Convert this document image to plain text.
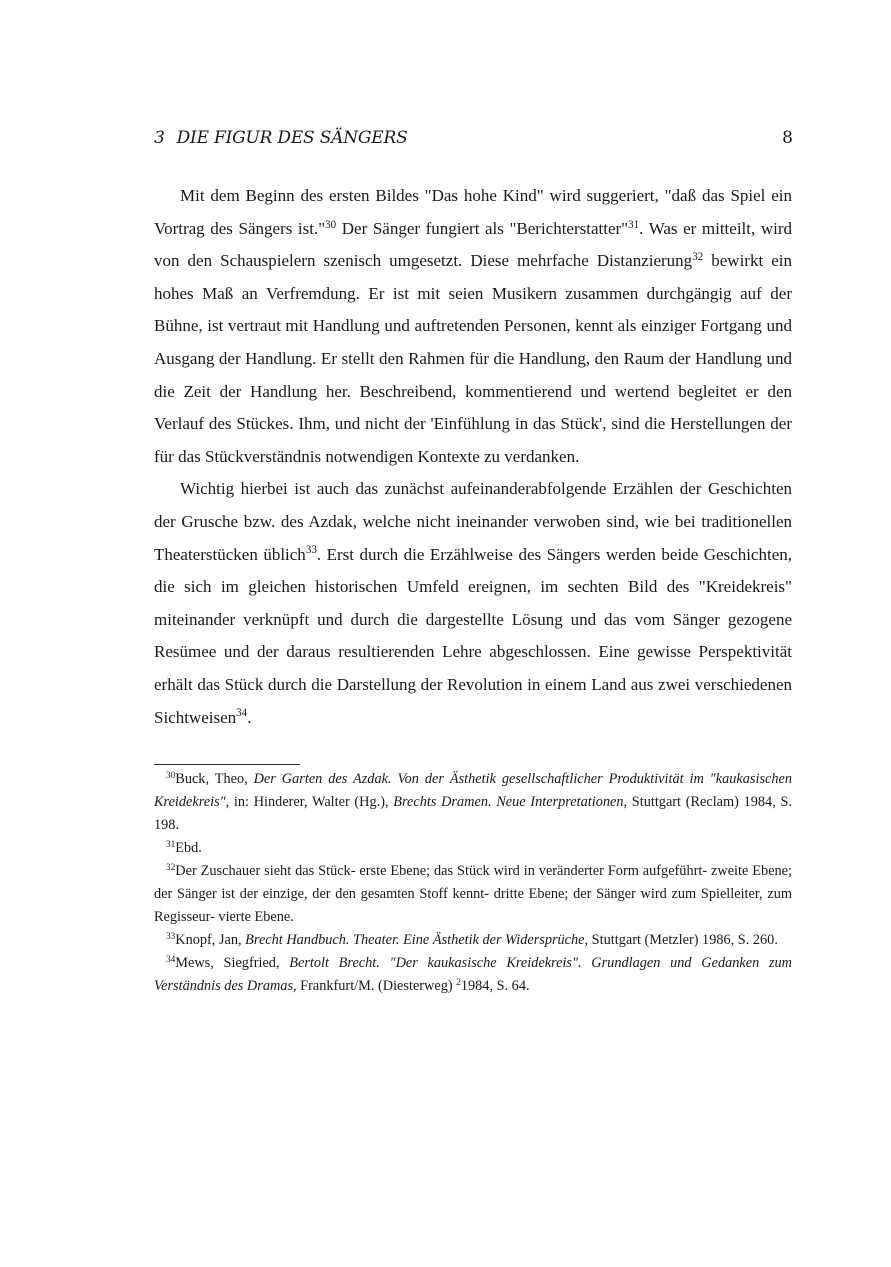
3 DIE FIGUR DES SÄNGERS	8

Mit dem Beginn des ersten Bildes "Das hohe Kind" wird suggeriert, "daß das Spiel ein Vortrag des Sängers ist."$^{30}$ Der Sänger fungiert als "Berichterstatter"$^{31}$. Was er mitteilt, wird von den Schauspielern szenisch umgesetzt. Diese mehrfache Distanzierung$^{32}$ bewirkt ein hohes Maß an Verfremdung. Er ist mit seien Musikern zusammen durchgängig auf der Bühne, ist vertraut mit Handlung und auftretenden Personen, kennt als einziger Fortgang und Ausgang der Handlung. Er stellt den Rahmen für die Handlung, den Raum der Handlung und die Zeit der Handlung her. Beschreibend, kommentierend und wertend begleitet er den Verlauf des Stückes. Ihm, und nicht der 'Einfühlung in das Stück', sind die Herstellungen der für das Stückverständnis notwendigen Kontexte zu verdanken.

Wichtig hierbei ist auch das zunächst aufeinanderabfolgende Erzählen der Geschichten der Grusche bzw. des Azdak, welche nicht ineinander verwoben sind, wie bei traditionellen Theaterstücken üblich$^{33}$. Erst durch die Erzählweise des Sängers werden beide Geschichten, die sich im gleichen historischen Umfeld ereignen, im sechten Bild des "Kreidekreis" miteinander verknüpft und durch die dargestellte Lösung und das vom Sänger gezogene Resümee und der daraus resultierenden Lehre abgeschlossen. Eine gewisse Perspektivität erhält das Stück durch die Darstellung der Revolution in einem Land aus zwei verschiedenen Sichtweisen$^{34}$.

$^{30}$Buck, Theo, Der Garten des Azdak. Von der Ästhetik gesellschaftlicher Produktivität im "kaukasischen Kreidekreis", in: Hinderer, Walter (Hg.), Brechts Dramen. Neue Interpretationen, Stuttgart (Reclam) 1984, S. 198.

$^{31}$Ebd.

$^{32}$Der Zuschauer sieht das Stück- erste Ebene; das Stück wird in veränderter Form aufgeführt- zweite Ebene; der Sänger ist der einzige, der den gesamten Stoff kennt- dritte Ebene; der Sänger wird zum Spielleiter, zum Regisseur- vierte Ebene.

$^{33}$Knopf, Jan, Brecht Handbuch. Theater. Eine Ästhetik der Widersprüche, Stuttgart (Metzler) 1986, S. 260.

$^{34}$Mews, Siegfried, Bertolt Brecht. "Der kaukasische Kreidekreis". Grundlagen und Gedanken zum Verständnis des Dramas, Frankfurt/M. (Diesterweg) $^2$1984, S. 64.
